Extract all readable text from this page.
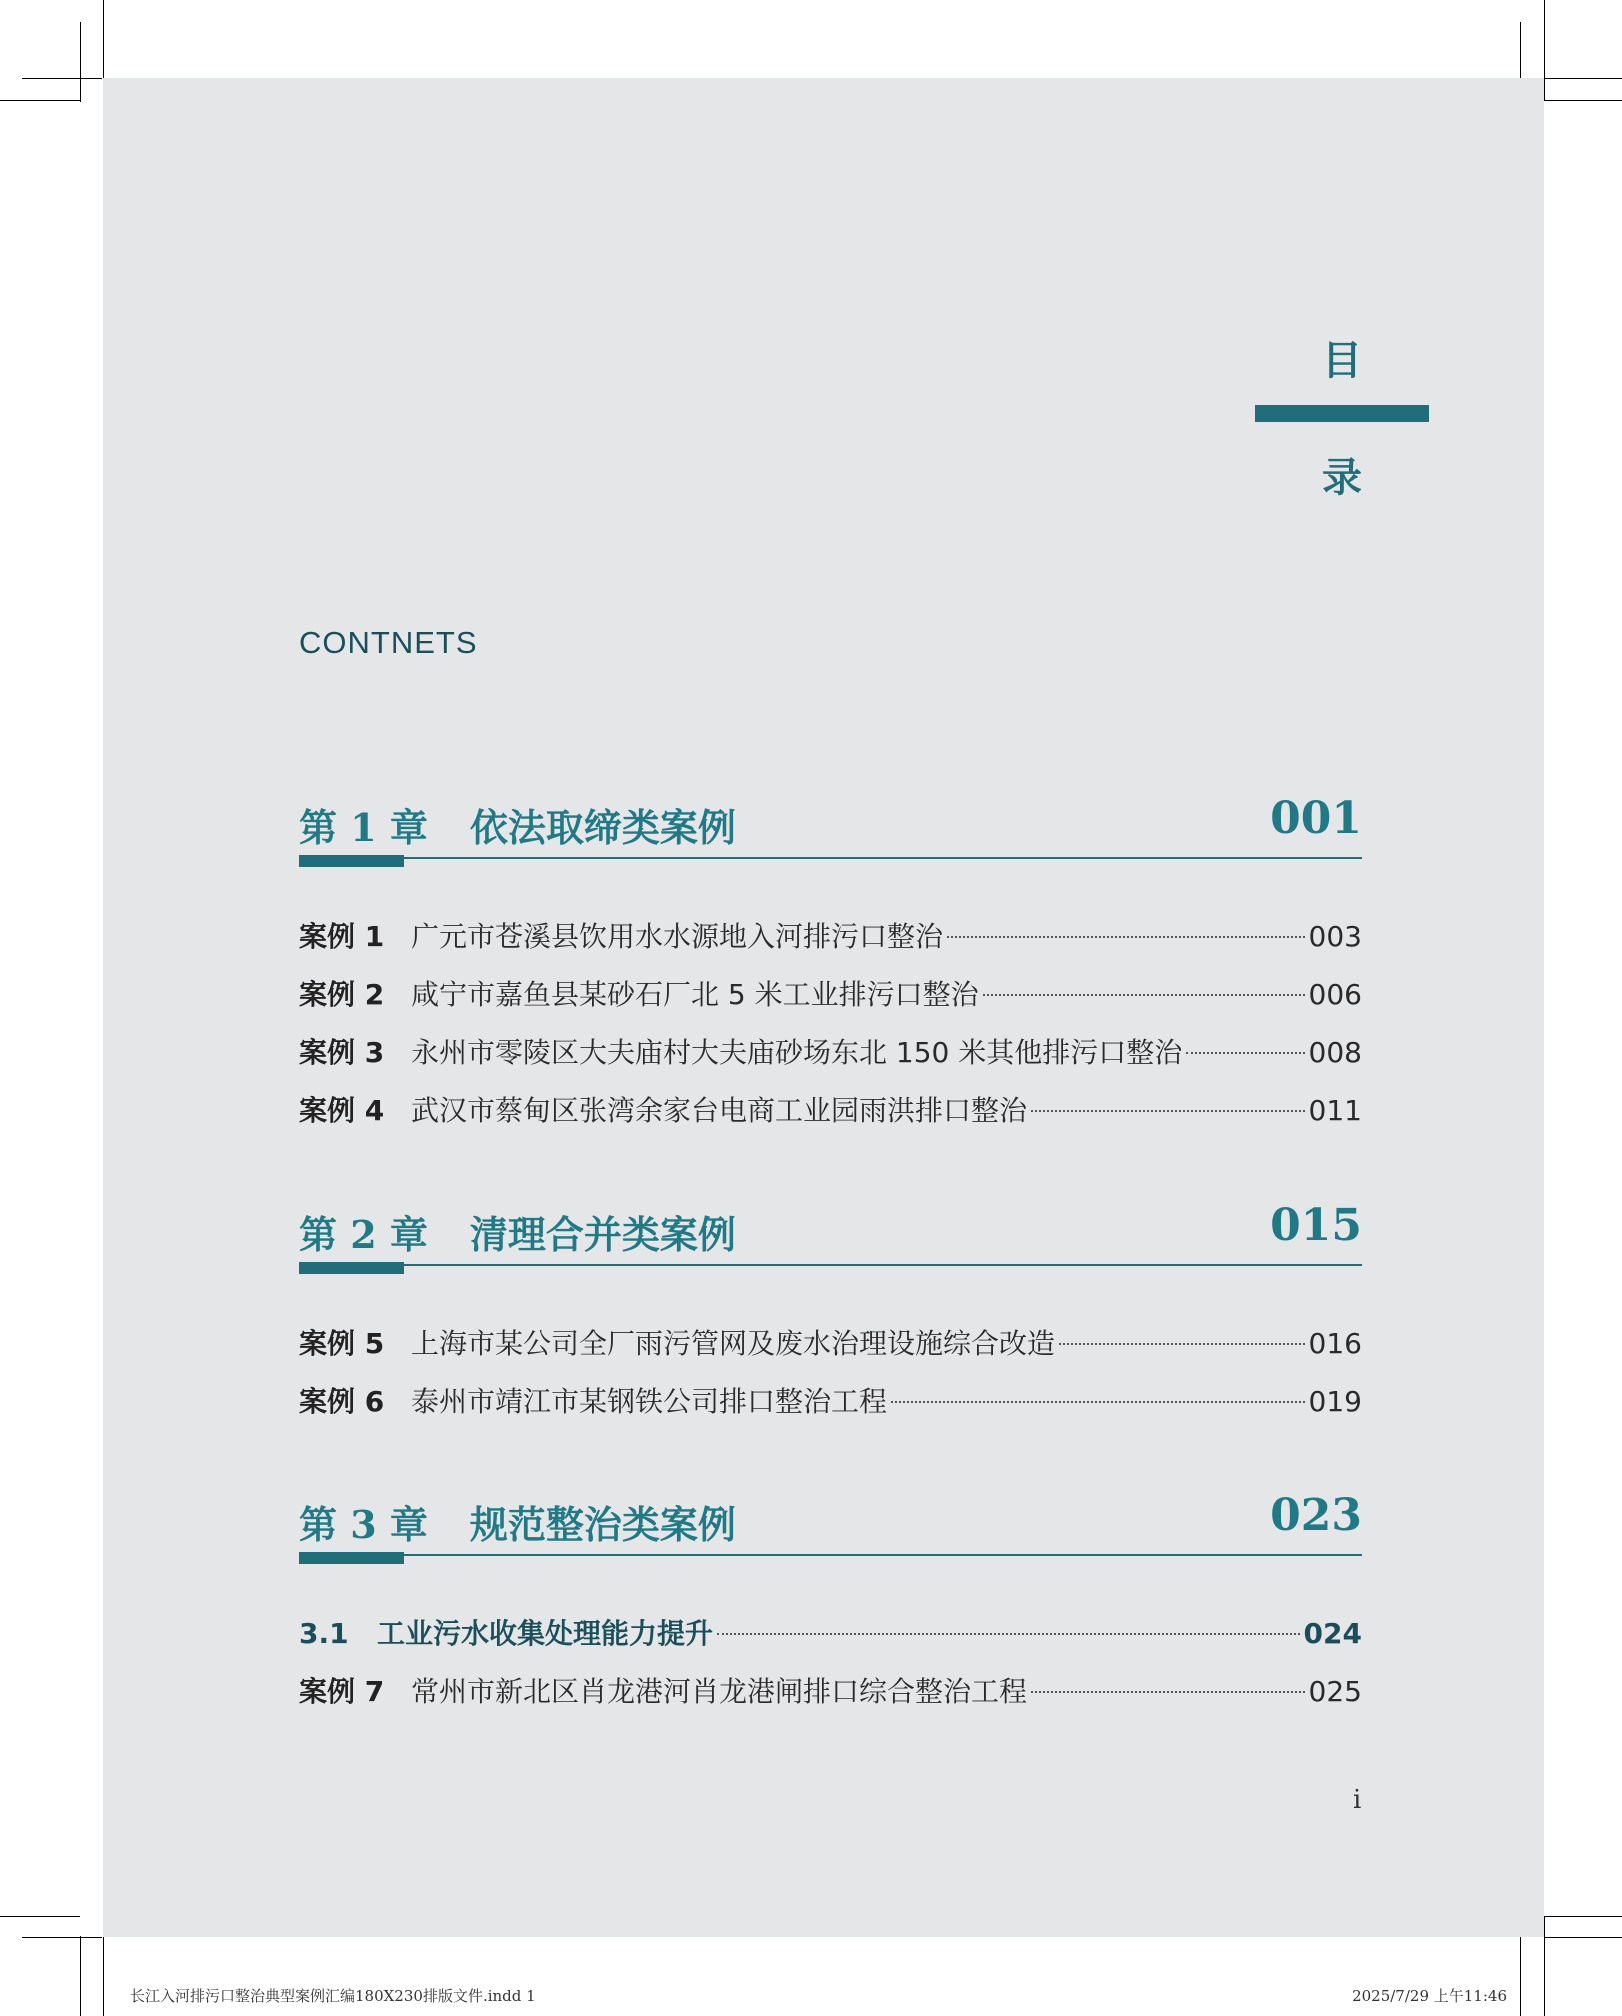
目
录
CONTNETS
第 1 章 依法取缔类案例	001
案例 1 广元市苍溪县饮用水水源地入河排污口整治	003
案例 2 咸宁市嘉鱼县某砂石厂北 5 米工业排污口整治	006
案例 3 永州市零陵区大夫庙村大夫庙砂场东北 150 米其他排污口整治	008
案例 4 武汉市蔡甸区张湾余家台电商工业园雨洪排口整治	011
第 2 章 清理合并类案例	015
案例 5 上海市某公司全厂雨污管网及废水治理设施综合改造	016
案例 6 泰州市靖江市某钢铁公司排口整治工程	019
第 3 章 规范整治类案例	023
3.1	工业污水收集处理能力提升	024
案例 7 常州市新北区肖龙港河肖龙港闸排口综合整治工程	025
i
长江入河排污口整治典型案例汇编180X230排版文件.indd 1	2025/7/29 上午11:46
